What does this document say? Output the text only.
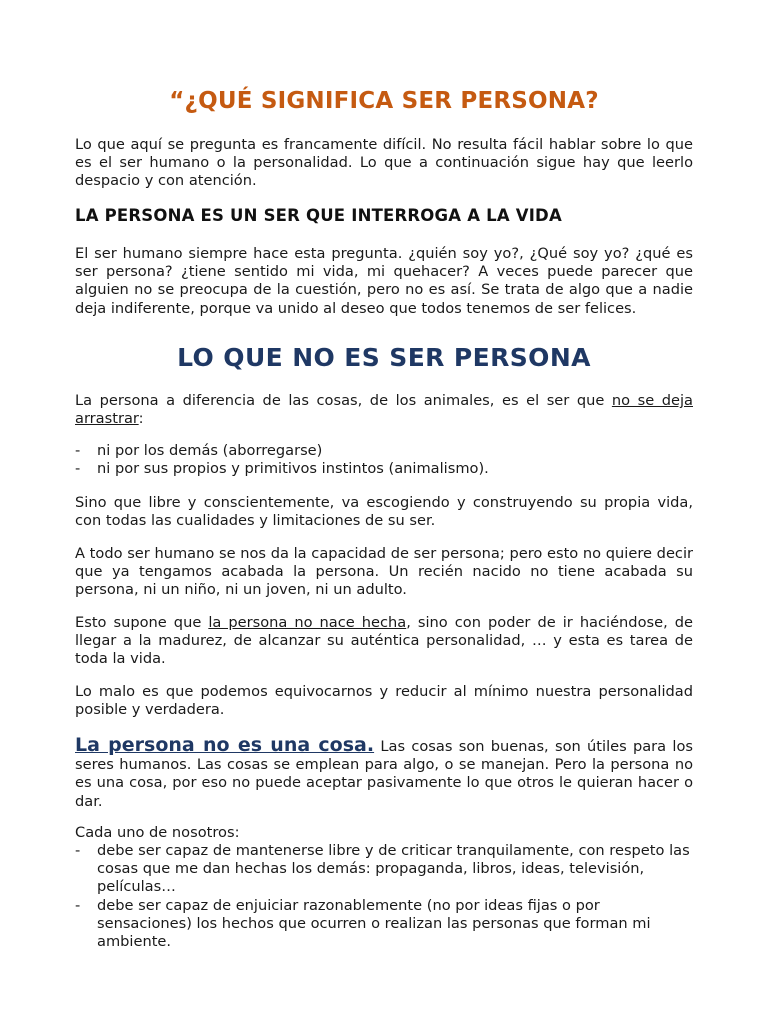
“¿QUÉ SIGNIFICA SER PERSONA?

Lo que aquí se pregunta es francamente difícil. No resulta fácil hablar sobre lo que es el ser humano o la personalidad. Lo que a continuación sigue hay que leerlo despacio y con atención.

LA PERSONA ES UN SER QUE INTERROGA A LA VIDA

El ser humano siempre hace esta pregunta. ¿quién soy yo?, ¿Qué soy yo? ¿qué es ser persona? ¿tiene sentido mi vida, mi quehacer? A veces puede parecer que alguien no se preocupa de la cuestión, pero no es así. Se trata de algo que a nadie deja indiferente, porque va unido al deseo que todos tenemos de ser felices.

LO QUE NO ES SER PERSONA

La persona a diferencia de las cosas, de los animales, es el ser que no se deja arrastrar:

- ni por los demás (aborregarse)
- ni por sus propios y primitivos instintos (animalismo).

Sino que libre y conscientemente, va escogiendo y construyendo su propia vida, con todas las cualidades y limitaciones de su ser.

A todo ser humano se nos da la capacidad de ser persona; pero esto no quiere decir que ya tengamos acabada la persona. Un recién nacido no tiene acabada su persona, ni un niño, ni un joven, ni un adulto.

Esto supone que la persona no nace hecha, sino con poder de ir haciéndose, de llegar a la madurez, de alcanzar su auténtica personalidad, … y esta es tarea de toda la vida.

Lo malo es que podemos equivocarnos y reducir al mínimo nuestra personalidad posible y verdadera.

La persona no es una cosa. Las cosas son buenas, son útiles para los seres humanos. Las cosas se emplean para algo, o se manejan. Pero la persona no es una cosa, por eso no puede aceptar pasivamente lo que otros le quieran hacer o dar.

Cada uno de nosotros:

- debe ser capaz de mantenerse libre y de criticar tranquilamente, con respeto las cosas que me dan hechas los demás: propaganda, libros, ideas, televisión, películas…
- debe ser capaz de enjuiciar razonablemente (no por ideas fijas o por sensaciones) los hechos que ocurren o realizan las personas que forman mi ambiente.
